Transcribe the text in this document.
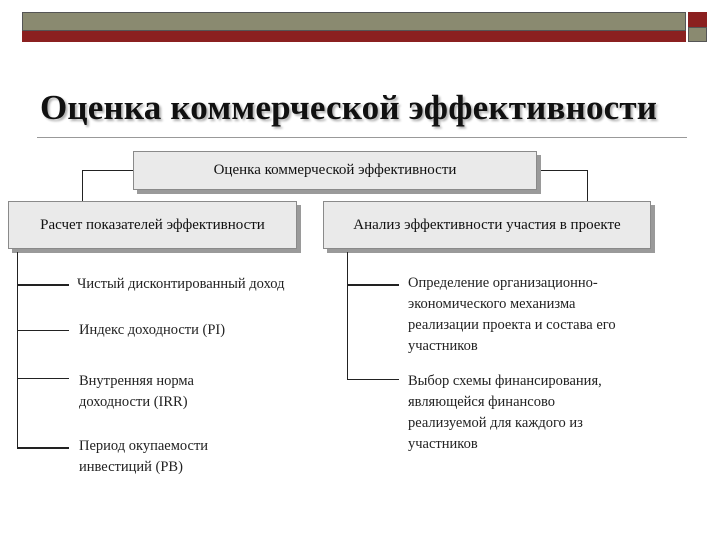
Оценка коммерческой эффективности
Оценка коммерческой эффективности
Расчет показателей эффективности	Анализ эффективности участия в проекте
Чистый дисконтированный доход
Индекс доходности (PI)
Внутренняя норма
доходности (IRR)
Период окупаемости
инвестиций (PB)
Определение организационно-
экономического механизма
реализации проекта и состава его
участников
Выбор схемы финансирования,
являющейся финансово
реализуемой для каждого из
участников
